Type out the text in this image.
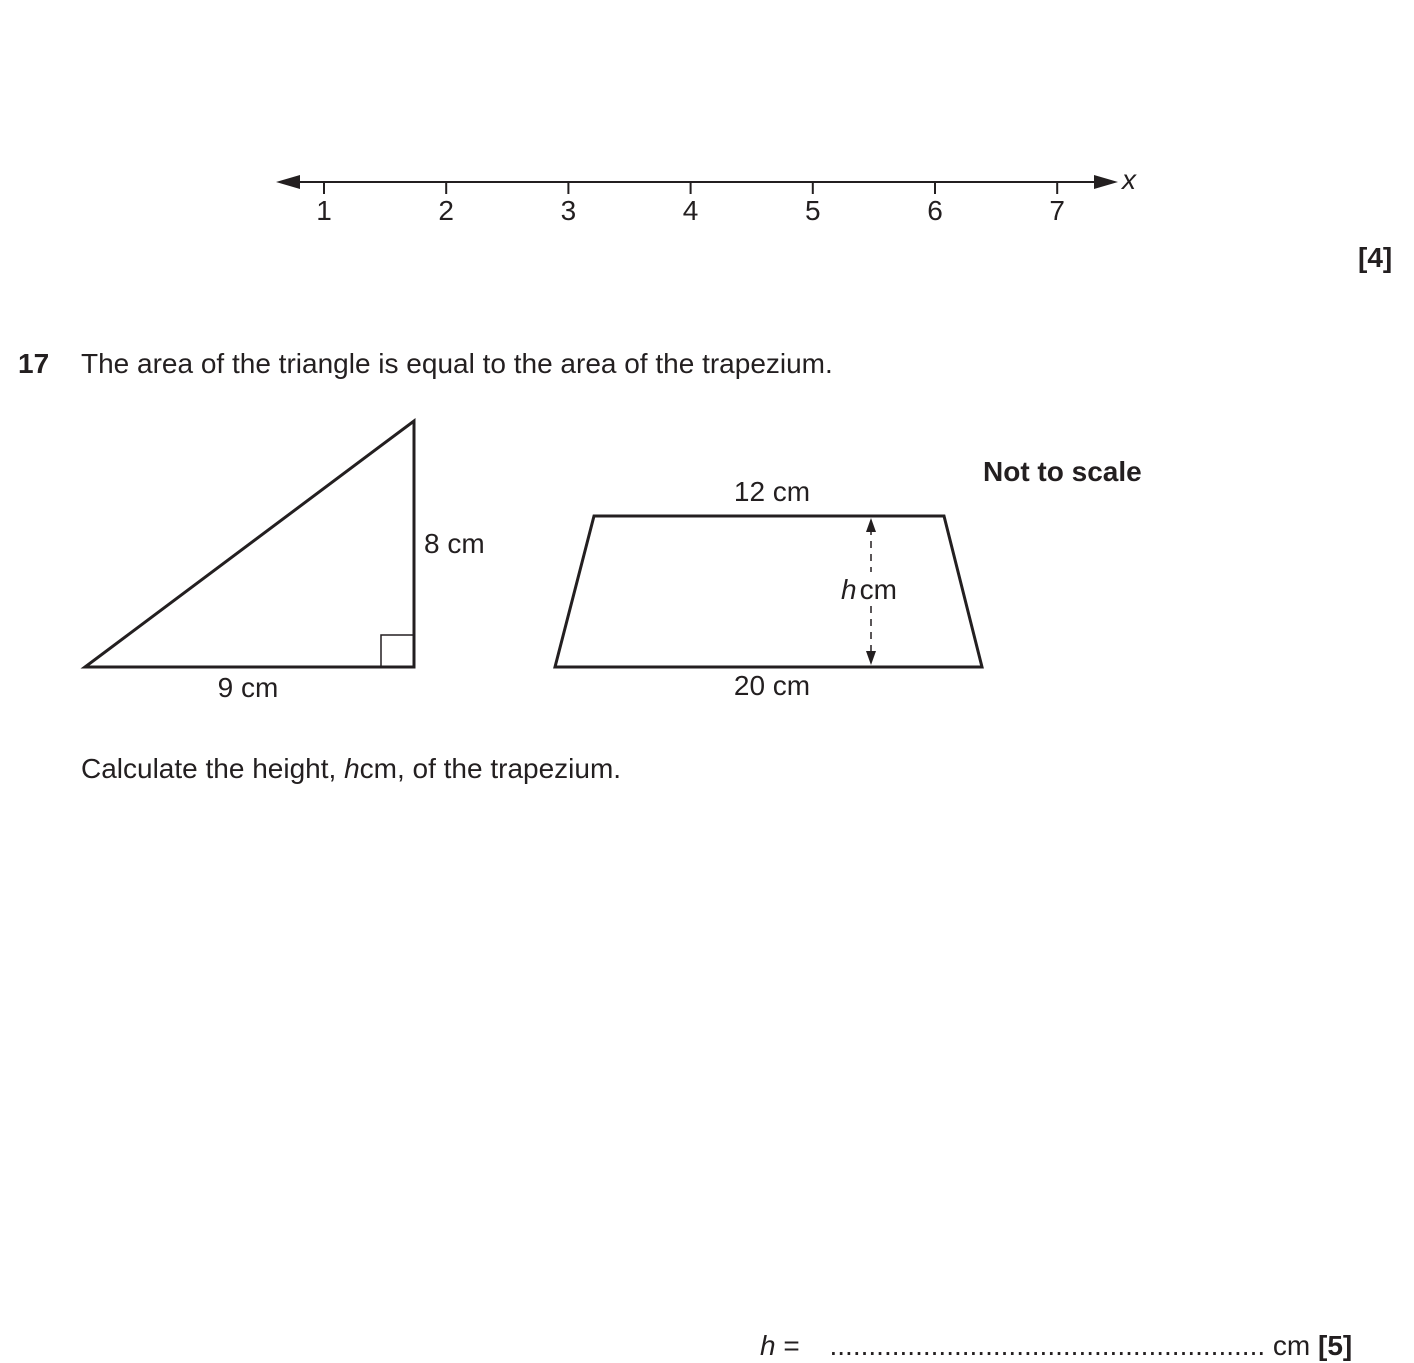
1	2	3	4	5	6	7
x
8 cm
9 cm
h cm
12 cm
20 cm
[4]
17 The area of the triangle is equal to the area of the trapezium.
Not to scale
Calculate the height, hcm, of the trapezium.
h = ........................................................ cm [5]
